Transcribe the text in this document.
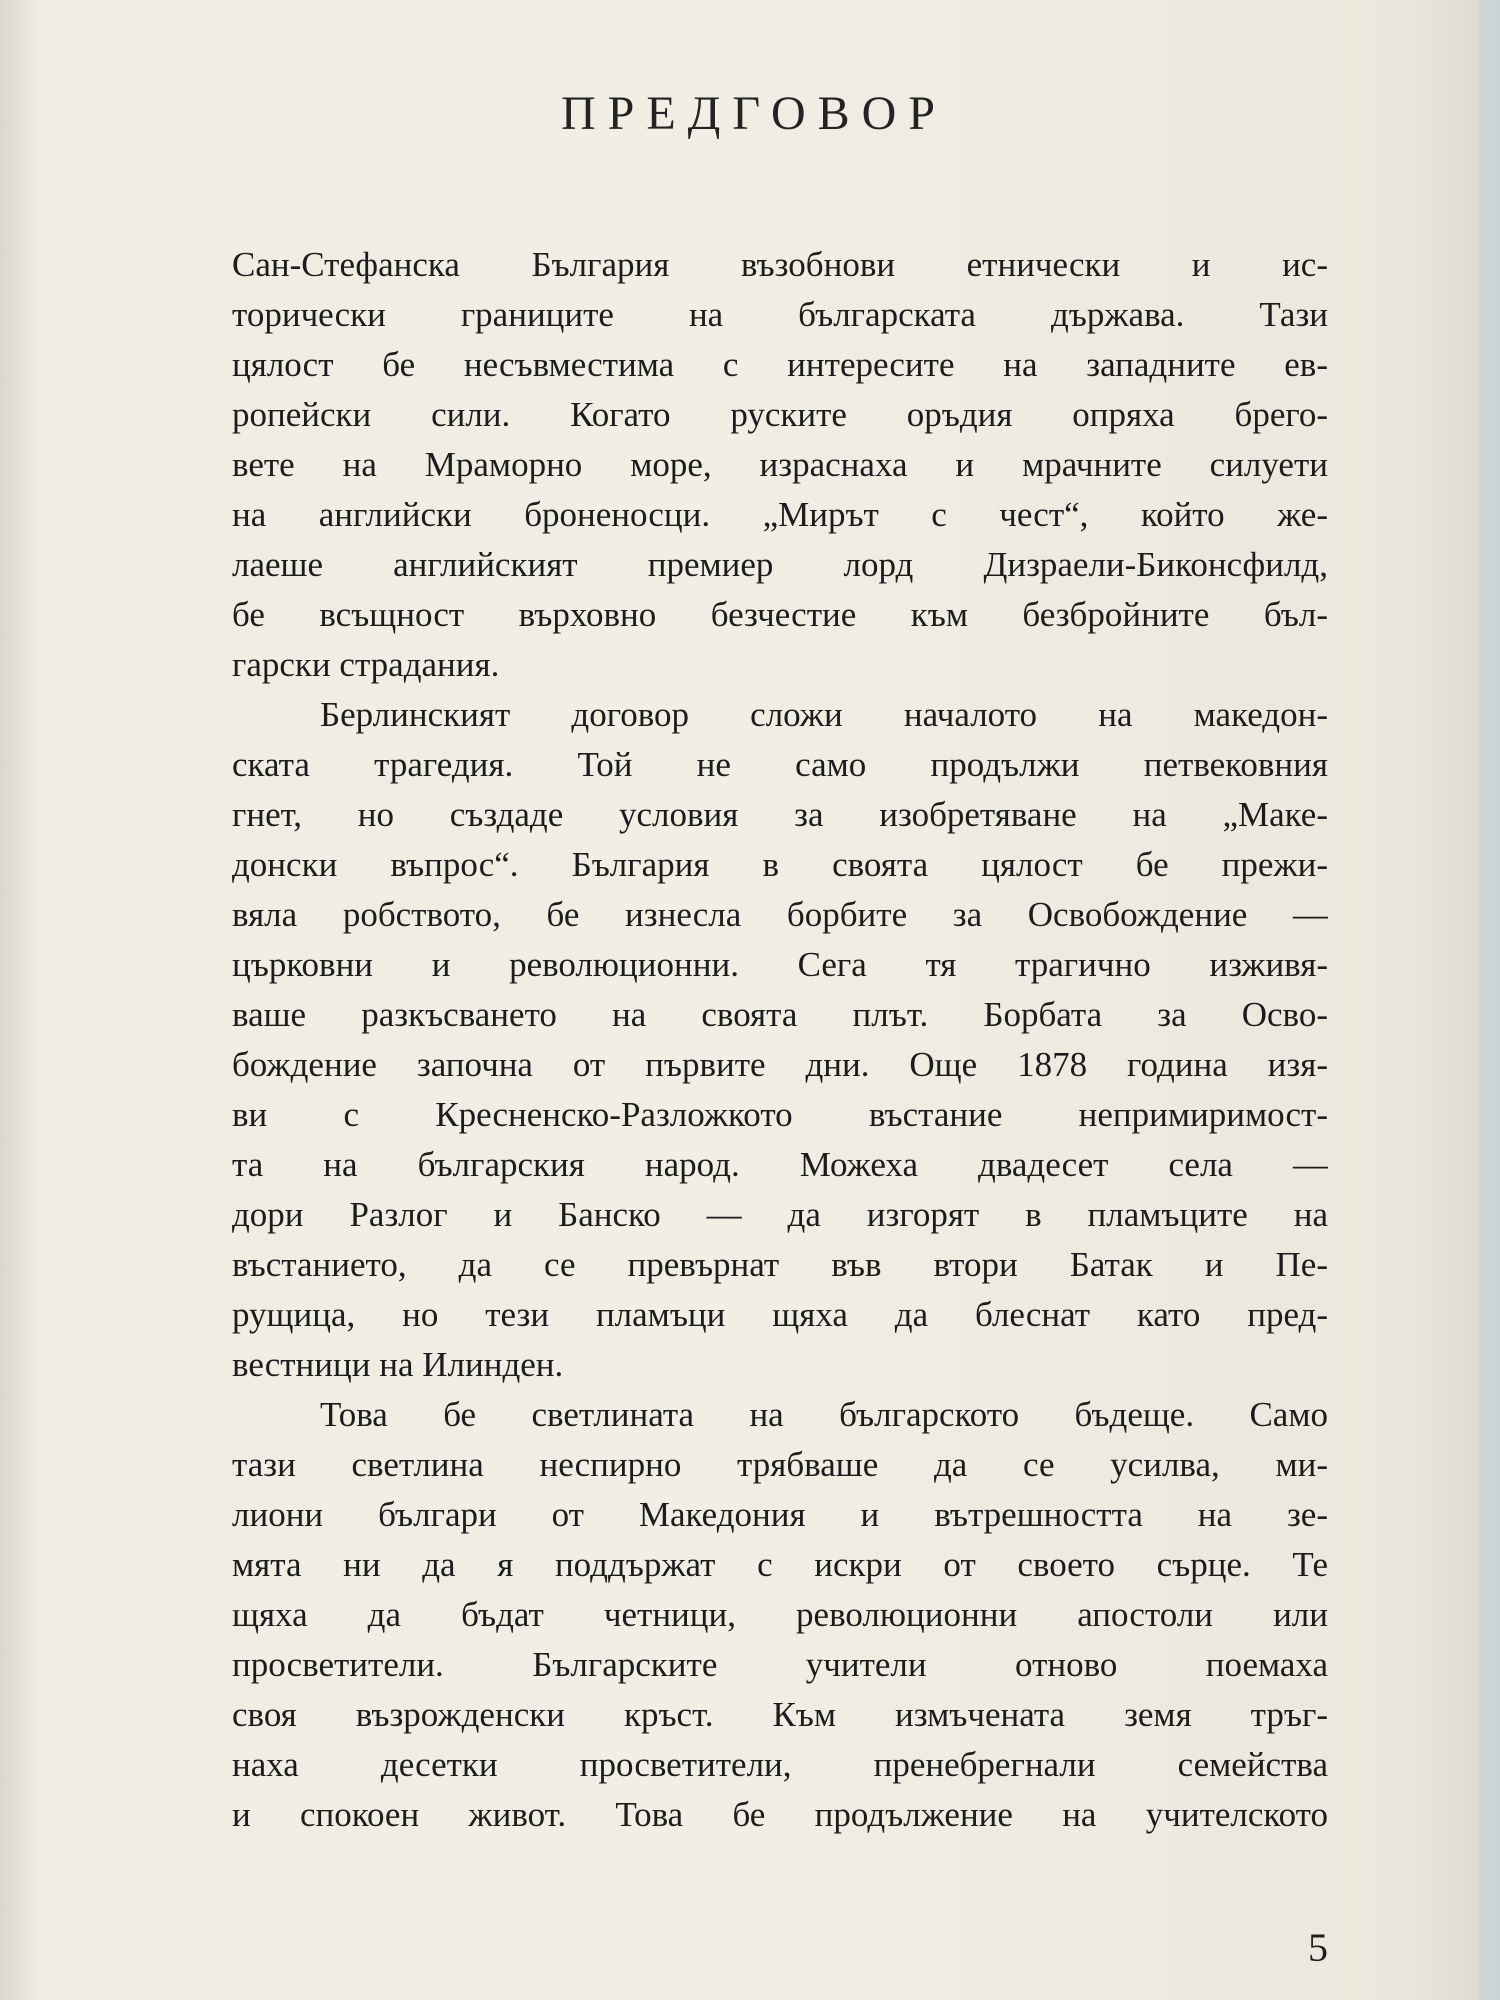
ПРЕДГОВОР
Сан-Стефанска България възобнови етнически и ис-
торически границите на българската държава. Тази
цялост бе несъвместима с интересите на западните ев-
ропейски сили. Когато руските оръдия опряха брего-
вете на Мраморно море, израснаха и мрачните силуети
на английски броненосци. „Мирът с чест“, който же-
лаеше английският премиер лорд Дизраели-Биконсфилд,
бе всъщност върховно безчестие към безбройните бъл-
гарски страдания.
Берлинският договор сложи началото на македон-
ската трагедия. Той не само продължи петвековния
гнет, но създаде условия за изобретяване на „Маке-
донски въпрос“. България в своята цялост бе прежи-
вяла робството, бе изнесла борбите за Освобождение —
църковни и революционни. Сега тя трагично изживя-
ваше разкъсването на своята плът. Борбата за Осво-
бождение започна от първите дни. Още 1878 година изя-
ви с Кресненско-Разложкото въстание непримиримост-
та на българския народ. Можеха двадесет села —
дори Разлог и Банско — да изгорят в пламъците на
въстанието, да се превърнат във втори Батак и Пе-
рущица, но тези пламъци щяха да блеснат като пред-
вестници на Илинден.
Това бе светлината на българското бъдеще. Само
тази светлина неспирно трябваше да се усилва, ми-
лиони българи от Македония и вътрешността на зе-
мята ни да я поддържат с искри от своето сърце. Те
щяха да бъдат четници, революционни апостоли или
просветители. Българските учители отново поемаха
своя възрожденски кръст. Към измъчената земя тръг-
наха десетки просветители, пренебрегнали семейства
и спокоен живот. Това бе продължение на учителското
5
